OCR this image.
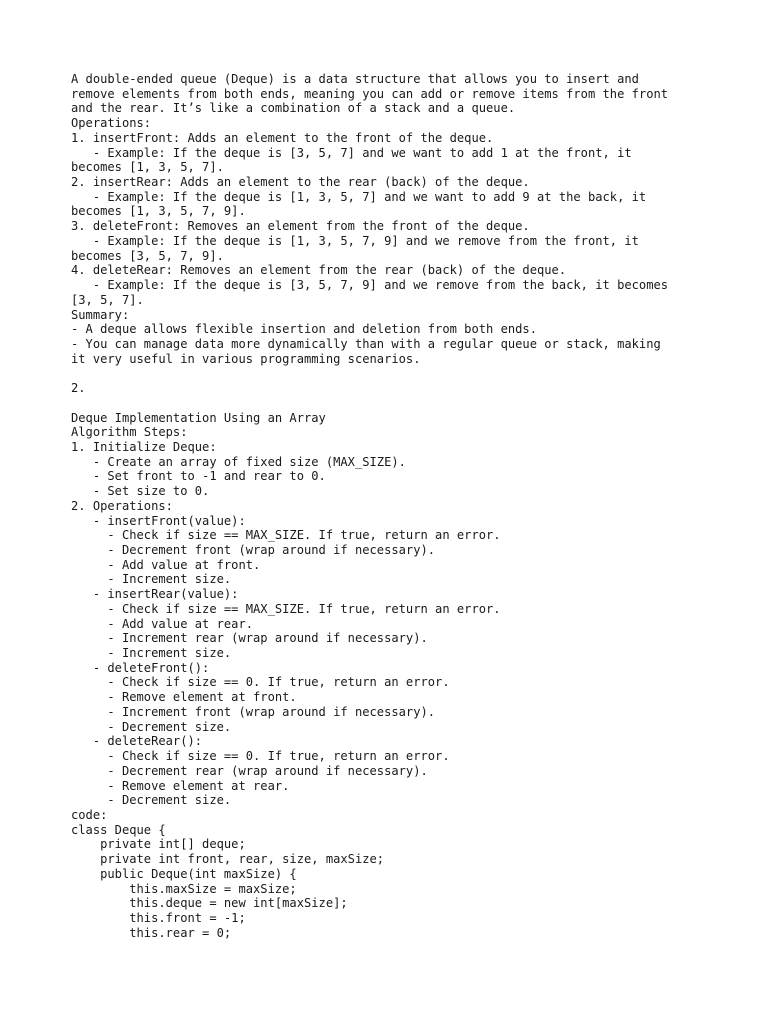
A double-ended queue (Deque) is a data structure that allows you to insert and
remove elements from both ends, meaning you can add or remove items from the front
and the rear. It’s like a combination of a stack and a queue.
Operations:
1. insertFront: Adds an element to the front of the deque.
- Example: If the deque is [3, 5, 7] and we want to add 1 at the front, it
becomes [1, 3, 5, 7].
2. insertRear: Adds an element to the rear (back) of the deque.
- Example: If the deque is [1, 3, 5, 7] and we want to add 9 at the back, it
becomes [1, 3, 5, 7, 9].
3. deleteFront: Removes an element from the front of the deque.
- Example: If the deque is [1, 3, 5, 7, 9] and we remove from the front, it
becomes [3, 5, 7, 9].
4. deleteRear: Removes an element from the rear (back) of the deque.
- Example: If the deque is [3, 5, 7, 9] and we remove from the back, it becomes
[3, 5, 7].
Summary:
- A deque allows flexible insertion and deletion from both ends.
- You can manage data more dynamically than with a regular queue or stack, making
it very useful in various programming scenarios.
2.
Deque Implementation Using an Array
Algorithm Steps:
1. Initialize Deque:
- Create an array of fixed size (MAX_SIZE).
- Set front to -1 and rear to 0.
- Set size to 0.
2. Operations:
- insertFront(value):
- Check if size == MAX_SIZE. If true, return an error.
- Decrement front (wrap around if necessary).
- Add value at front.
- Increment size.
- insertRear(value):
- Check if size == MAX_SIZE. If true, return an error.
- Add value at rear.
- Increment rear (wrap around if necessary).
- Increment size.
- deleteFront():
- Check if size == 0. If true, return an error.
- Remove element at front.
- Increment front (wrap around if necessary).
- Decrement size.
- deleteRear():
- Check if size == 0. If true, return an error.
- Decrement rear (wrap around if necessary).
- Remove element at rear.
- Decrement size.
code:
class Deque {
private int[] deque;
private int front, rear, size, maxSize;
public Deque(int maxSize) {
this.maxSize = maxSize;
this.deque = new int[maxSize];
this.front = -1;
this.rear = 0;
